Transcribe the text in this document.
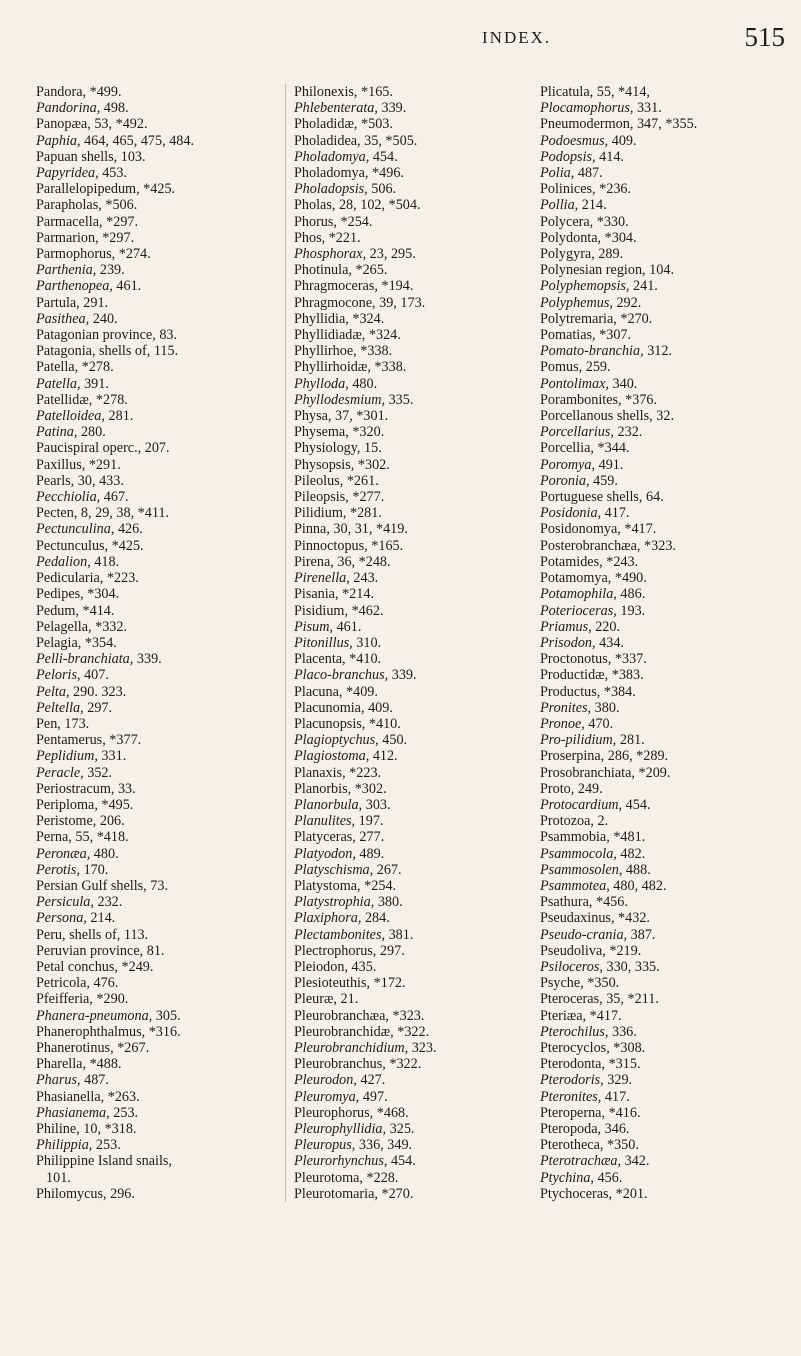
INDEX.	515
Pandora, *499.
Pandorina, 498.
Panopæa, 53, *492.
Paphia, 464, 465, 475, 484.
Papuan shells, 103.
Papyridea, 453.
Parallelopipedum, *425.
Parapholas, *506.
Parmacella, *297.
Parmarion, *297.
Parmophorus, *274.
Parthenia, 239.
Parthenopea, 461.
Partula, 291.
Pasithea, 240.
Patagonian province, 83.
Patagonia, shells of, 115.
Patella, *278.
Patella, 391.
Patellidæ, *278.
Patelloidea, 281.
Patina, 280.
Paucispiral operc., 207.
Paxillus, *291.
Pearls, 30, 433.
Pecchiolia, 467.
Pecten, 8, 29, 38, *411.
Pectunculina, 426.
Pectunculus, *425.
Pedalion, 418.
Pedicularia, *223.
Pedipes, *304.
Pedum, *414.
Pelagella, *332.
Pelagia, *354.
Pelli-branchiata, 339.
Peloris, 407.
Pelta, 290. 323.
Peltella, 297.
Pen, 173.
Pentamerus, *377.
Peplidium, 331.
Peracle, 352.
Periostracum, 33.
Periploma, *495.
Peristome, 206.
Perna, 55, *418.
Peronæa, 480.
Perotis, 170.
Persian Gulf shells, 73.
Persicula, 232.
Persona, 214.
Peru, shells of, 113.
Peruvian province, 81.
Petal conchus, *249.
Petricola, 476.
Pfeifferia, *290.
Phanera-pneumona, 305.
Phanerophthalmus, *316.
Phanerotinus, *267.
Pharella, *488.
Pharus, 487.
Phasianella, *263.
Phasianema, 253.
Philine, 10, *318.
Philippia, 253.
Philippine Island snails,
101.
Philomycus, 296.
Philonexis, *165.
Phlebenterata, 339.
Pholadidæ, *503.
Pholadidea, 35, *505.
Pholadomya, 454.
Pholadomya, *496.
Pholadopsis, 506.
Pholas, 28, 102, *504.
Phorus, *254.
Phos, *221.
Phosphorax, 23, 295.
Photinula, *265.
Phragmoceras, *194.
Phragmocone, 39, 173.
Phyllidia, *324.
Phyllidiadæ, *324.
Phyllirhoe, *338.
Phyllirhoidæ, *338.
Phylloda, 480.
Phyllodesmium, 335.
Physa, 37, *301.
Physema, *320.
Physiology, 15.
Physopsis, *302.
Pileolus, *261.
Pileopsis, *277.
Pilidium, *281.
Pinna, 30, 31, *419.
Pinnoctopus, *165.
Pirena, 36, *248.
Pirenella, 243.
Pisania, *214.
Pisidium, *462.
Pisum, 461.
Pitonillus, 310.
Placenta, *410.
Placo-branchus, 339.
Placuna, *409.
Placunomia, 409.
Placunopsis, *410.
Plagioptychus, 450.
Plagiostoma, 412.
Planaxis, *223.
Planorbis, *302.
Planorbula, 303.
Planulites, 197.
Platyceras, 277.
Platyodon, 489.
Platyschisma, 267.
Platystoma, *254.
Platystrophia, 380.
Plaxiphora, 284.
Plectambonites, 381.
Plectrophorus, 297.
Pleiodon, 435.
Plesioteuthis, *172.
Pleuræ, 21.
Pleurobranchæa, *323.
Pleurobranchidæ, *322.
Pleurobranchidium, 323.
Pleurobranchus, *322.
Pleurodon, 427.
Pleuromya, 497.
Pleurophorus, *468.
Pleurophyllidia, 325.
Pleuropus, 336, 349.
Pleurorhynchus, 454.
Pleurotoma, *228.
Pleurotomaria, *270.
Plicatula, 55, *414,
Plocamophorus, 331.
Pneumodermon, 347, *355.
Podoesmus, 409.
Podopsis, 414.
Polia, 487.
Polinices, *236.
Pollia, 214.
Polycera, *330.
Polydonta, *304.
Polygyra, 289.
Polynesian region, 104.
Polyphemopsis, 241.
Polyphemus, 292.
Polytremaria, *270.
Pomatias, *307.
Pomato-branchia, 312.
Pomus, 259.
Pontolimax, 340.
Porambonites, *376.
Porcellanous shells, 32.
Porcellarius, 232.
Porcellia, *344.
Poromya, 491.
Poronia, 459.
Portuguese shells, 64.
Posidonia, 417.
Posidonomya, *417.
Posterobranchæa, *323.
Potamides, *243.
Potamomya, *490.
Potamophila, 486.
Poterioceras, 193.
Priamus, 220.
Prisodon, 434.
Proctonotus, *337.
Productidæ, *383.
Productus, *384.
Pronites, 380.
Pronoe, 470.
Pro-pilidium, 281.
Proserpina, 286, *289.
Prosobranchiata, *209.
Proto, 249.
Protocardium, 454.
Protozoa, 2.
Psammobia, *481.
Psammocola, 482.
Psammosolen, 488.
Psammotea, 480, 482.
Psathura, *456.
Pseudaxinus, *432.
Pseudo-crania, 387.
Pseudoliva, *219.
Psiloceros, 330, 335.
Psyche, *350.
Pteroceras, 35, *211.
Pteriæa, *417.
Pterochilus, 336.
Pterocyclos, *308.
Pterodonta, *315.
Pterodoris, 329.
Pteronites, 417.
Pteroperna, *416.
Pteropoda, 346.
Pterotheca, *350.
Pterotrachæa, 342.
Ptychina, 456.
Ptychoceras, *201.
